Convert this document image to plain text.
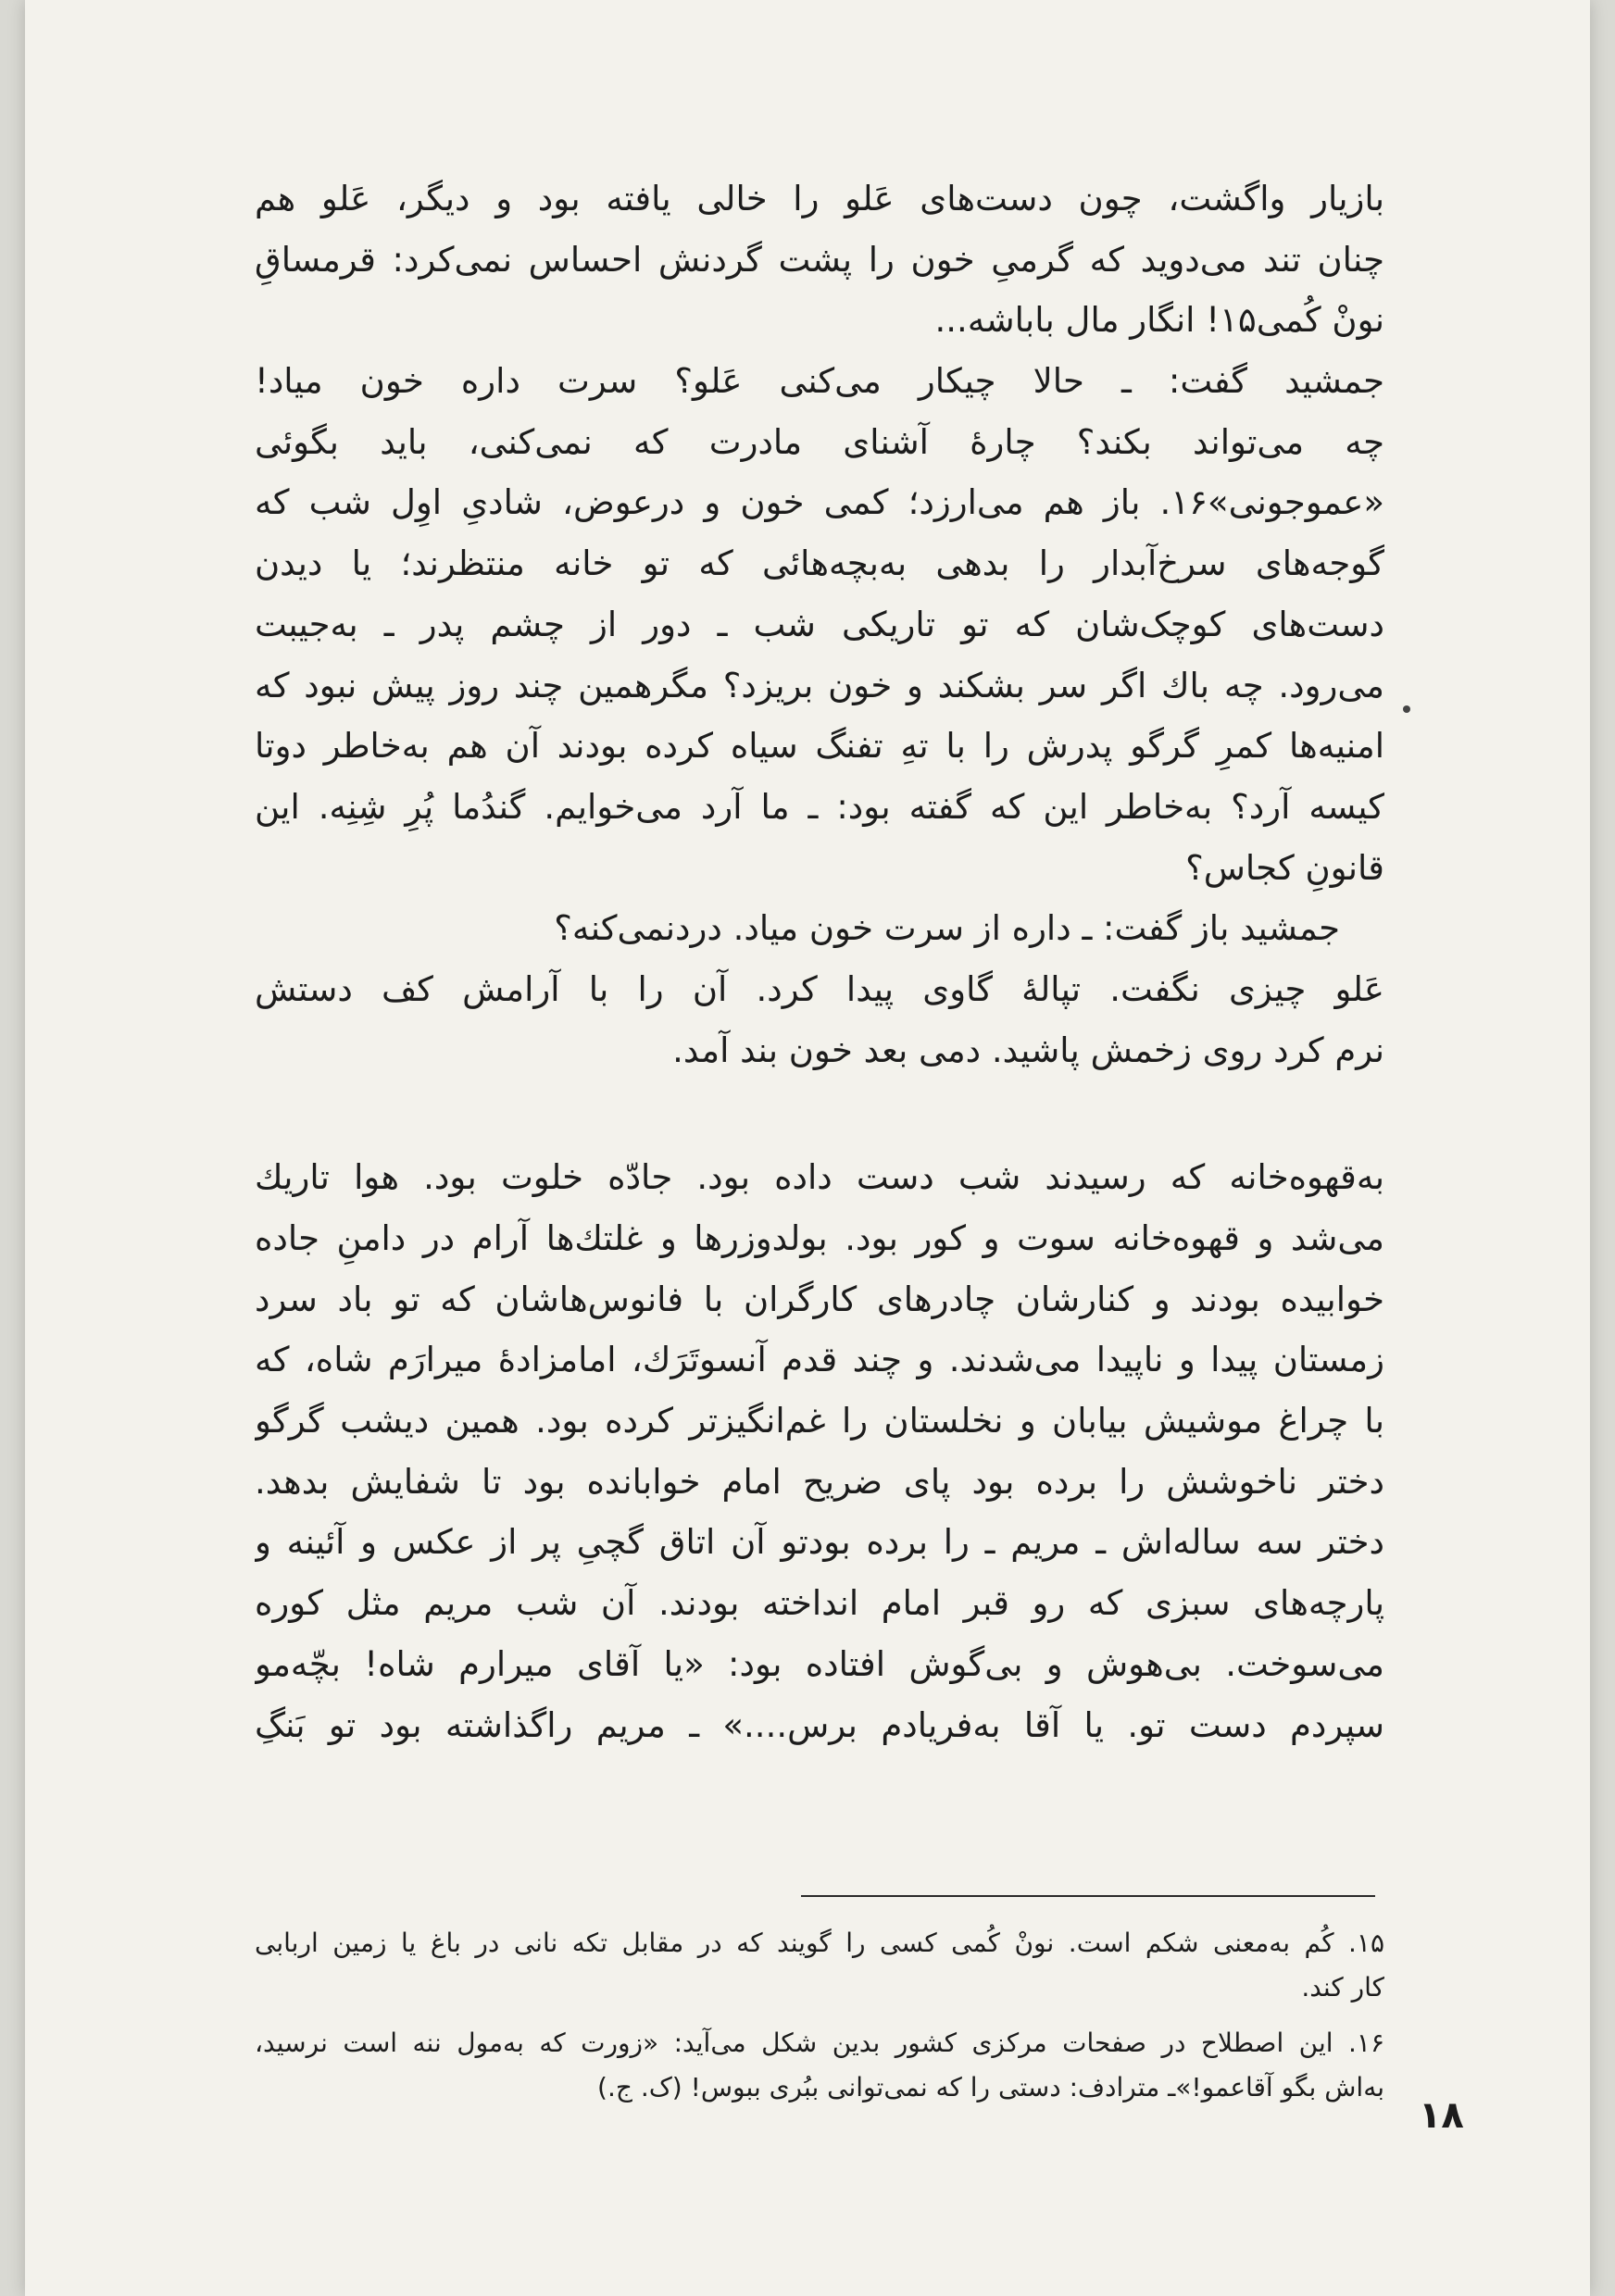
بازیار واگشت، چون دست‌های عَلو را خالی یافته بود و دیگر، عَلو هم
چنان تند می‌دوید که گرمیِ خون را پشت گردنش احساس نمی‌کرد: قرمساقِ
نونْ کُمی۱۵! انگار مال باباشه...
جمشید گفت: ـ حالا چیکار می‌کنی عَلو؟ سرت داره خون میاد!
چه می‌تواند بکند؟ چارهٔ آشنای مادرت که نمی‌کنی، باید بگوئی
«عموجونی»۱۶. باز هم می‌ارزد؛ کمی خون و درعوض، شادیِ اوِل شب که
گوجه‌های سرخ‌آبدار را بدهی به‌بچه‌هائی که تو خانه منتظرند؛ یا دیدن
دست‌های کوچک‌شان که تو تاریکی شب ـ دور از چشم پدر ـ به‌جیبت
می‌رود. چه باك اگر سر بشکند و خون بریزد؟ مگرهمین چند روز پیش نبود که
امنیه‌ها کمرِ گرگو پدرش را با تهِ تفنگ سیاه کرده بودند آن هم به‌خاطر دوتا
کیسه آرد؟ به‌خاطر این که گفته بود: ـ ما آرد می‌خوایم. گندُما پُرِ شِنِه. این
قانونِ کجاس؟
جمشید باز گفت: ـ داره از سرت خون میاد. دردنمی‌کنه؟
عَلو چیزی نگفت. تپالهٔ گاوی پیدا کرد. آن را با آرامش کف دستش
نرم کرد روی زخمش پاشید. دمی بعد خون بند آمد.
به‌قهوه‌خانه که رسیدند شب دست داده بود. جادّه خلوت بود. هوا تاریك
می‌شد و قهوه‌خانه سوت و کور بود. بولدوزرها و غلتك‌ها آرام در دامنِ جاده
خوابیده بودند و کنارشان چادرهای کارگران با فانوس‌هاشان که تو باد سرد
زمستان پیدا و ناپیدا می‌شدند. و چند قدم آنسوتَرَك، امامزادهٔ میرارَم شاه، که
با چراغ موشیش بیابان و نخلستان را غم‌انگیزتر کرده بود. همین دیشب گرگو
دختر ناخوشش را برده بود پای ضریح امام خوابانده بود تا شفایش بدهد.
دختر سه ساله‌اش ـ مریم ـ را برده بودتو آن اتاق گچیِ پر از عکس و آئینه و
پارچه‌های سبزی که رو قبر امام انداخته بودند. آن شب مریم مثل کوره
می‌سوخت. بی‌هوش و بی‌گوش افتاده بود: «یا آقای میرارم شاه! بچّه‌مو
سپردم دست تو. یا آقا به‌فریادم برس....» ـ مریم راگذاشته بود تو بَنگِ
۱۵. کُم به‌معنی شکم است. نونْ کُمی کسی را گویند که در مقابل تکه نانی در باغ یا زمین اربابی
کار کند.
۱۶. این اصطلاح در صفحات مرکزی کشور بدین شکل می‌آید: «زورت که به‌مول ننه است نرسید،
به‌اش بگو آقاعمو!»ـ مترادف: دستی را که نمی‌توانی ببُری ببوس! (ک. ج.)
۱۸
